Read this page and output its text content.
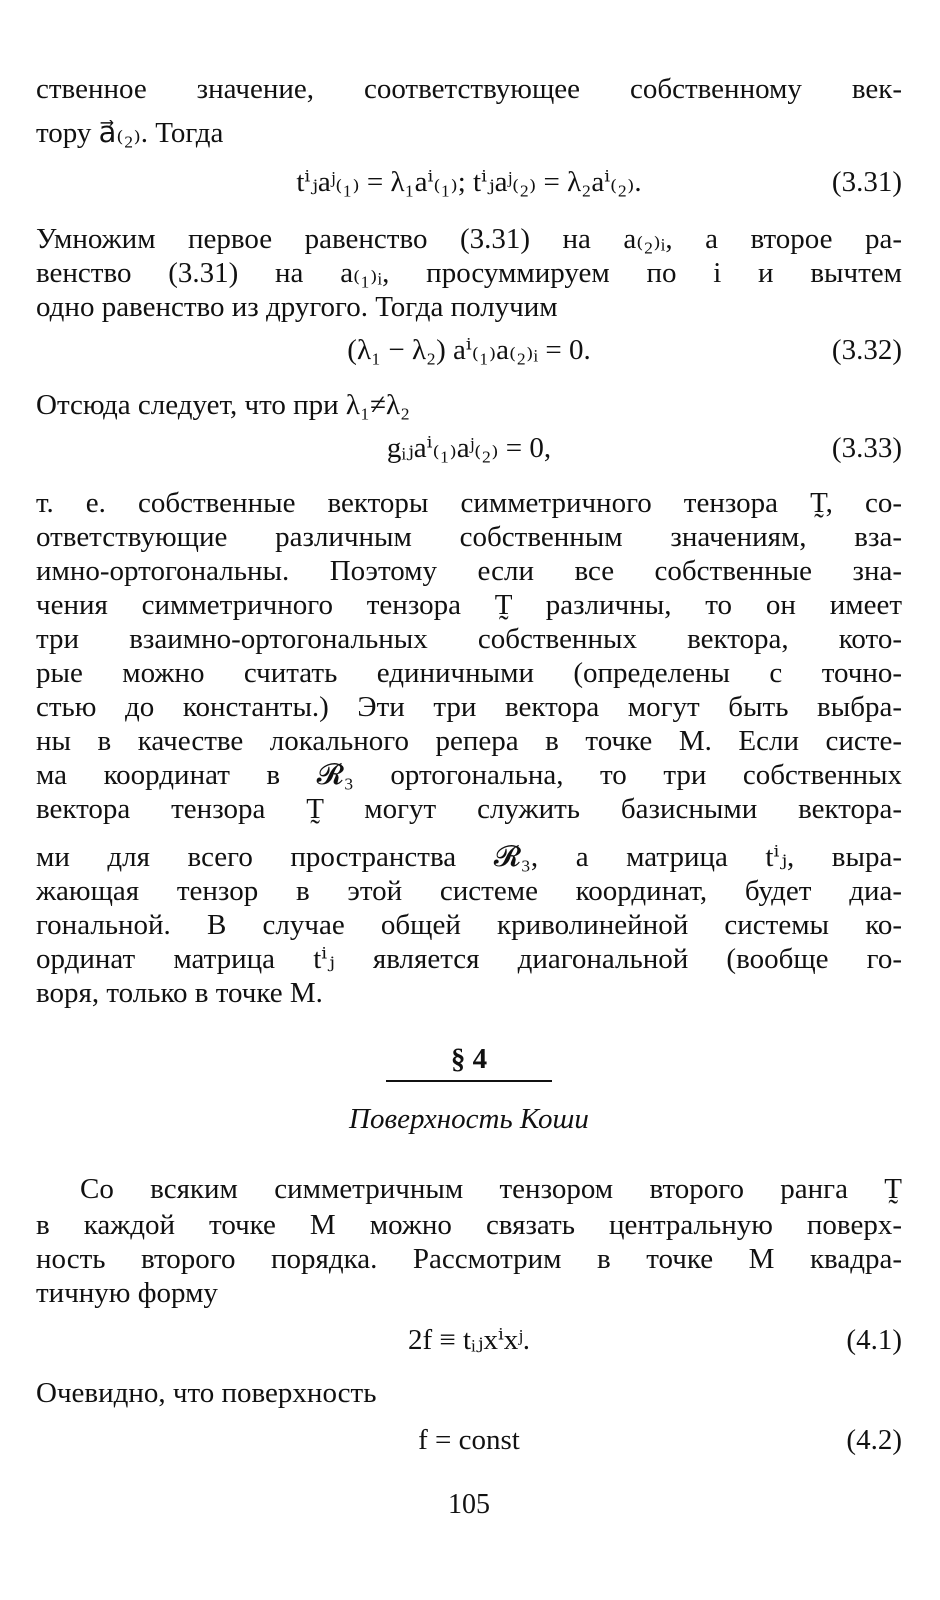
ственное значение, соответствующее собственному век-
тору a⃗₍₂₎. Тогда
tⁱⱼaʲ₍₁₎ = λ₁aⁱ₍₁₎; tⁱⱼaʲ₍₂₎ = λ₂aⁱ₍₂₎.	(3.31)
Умножим первое равенство (3.31) на a₍₂₎ᵢ, а второе ра-
венство (3.31) на a₍₁₎ᵢ, просуммируем по i и вычтем
одно равенство из другого. Тогда получим
(λ₁ − λ₂) aⁱ₍₁₎a₍₂₎ᵢ = 0.	(3.32)
Отсюда следует, что при λ₁≠λ₂
gᵢⱼaⁱ₍₁₎aʲ₍₂₎ = 0,	(3.33)
т. е. собственные векторы симметричного тензора T̰, со-
ответствующие различным собственным значениям, вза-
имно-ортогональны. Поэтому если все собственные зна-
чения симметричного тензора T̰ различны, то он имеет
три взаимно-ортогональных собственных вектора, кото-
рые можно считать единичными (определены с точно-
стью до константы.) Эти три вектора могут быть выбра-
ны в качестве локального репера в точке M. Если систе-
ма координат в 𝓡₃ ортогональна, то три собственных
вектора тензора T̰ могут служить базисными вектора-
ми для всего пространства 𝓡₃, а матрица tⁱⱼ, выра-
жающая тензор в этой системе координат, будет диа-
гональной. В случае общей криволинейной системы ко-
ординат матрица tⁱⱼ является диагональной (вообще го-
воря, только в точке M.
§ 4
Поверхность Коши
Со всяким симметричным тензором второго ранга T̰
в каждой точке M можно связать центральную поверх-
ность второго порядка. Рассмотрим в точке M квадра-
тичную форму
2f ≡ tᵢⱼxⁱxʲ.	(4.1)
Очевидно, что поверхность
f = const	(4.2)
105
